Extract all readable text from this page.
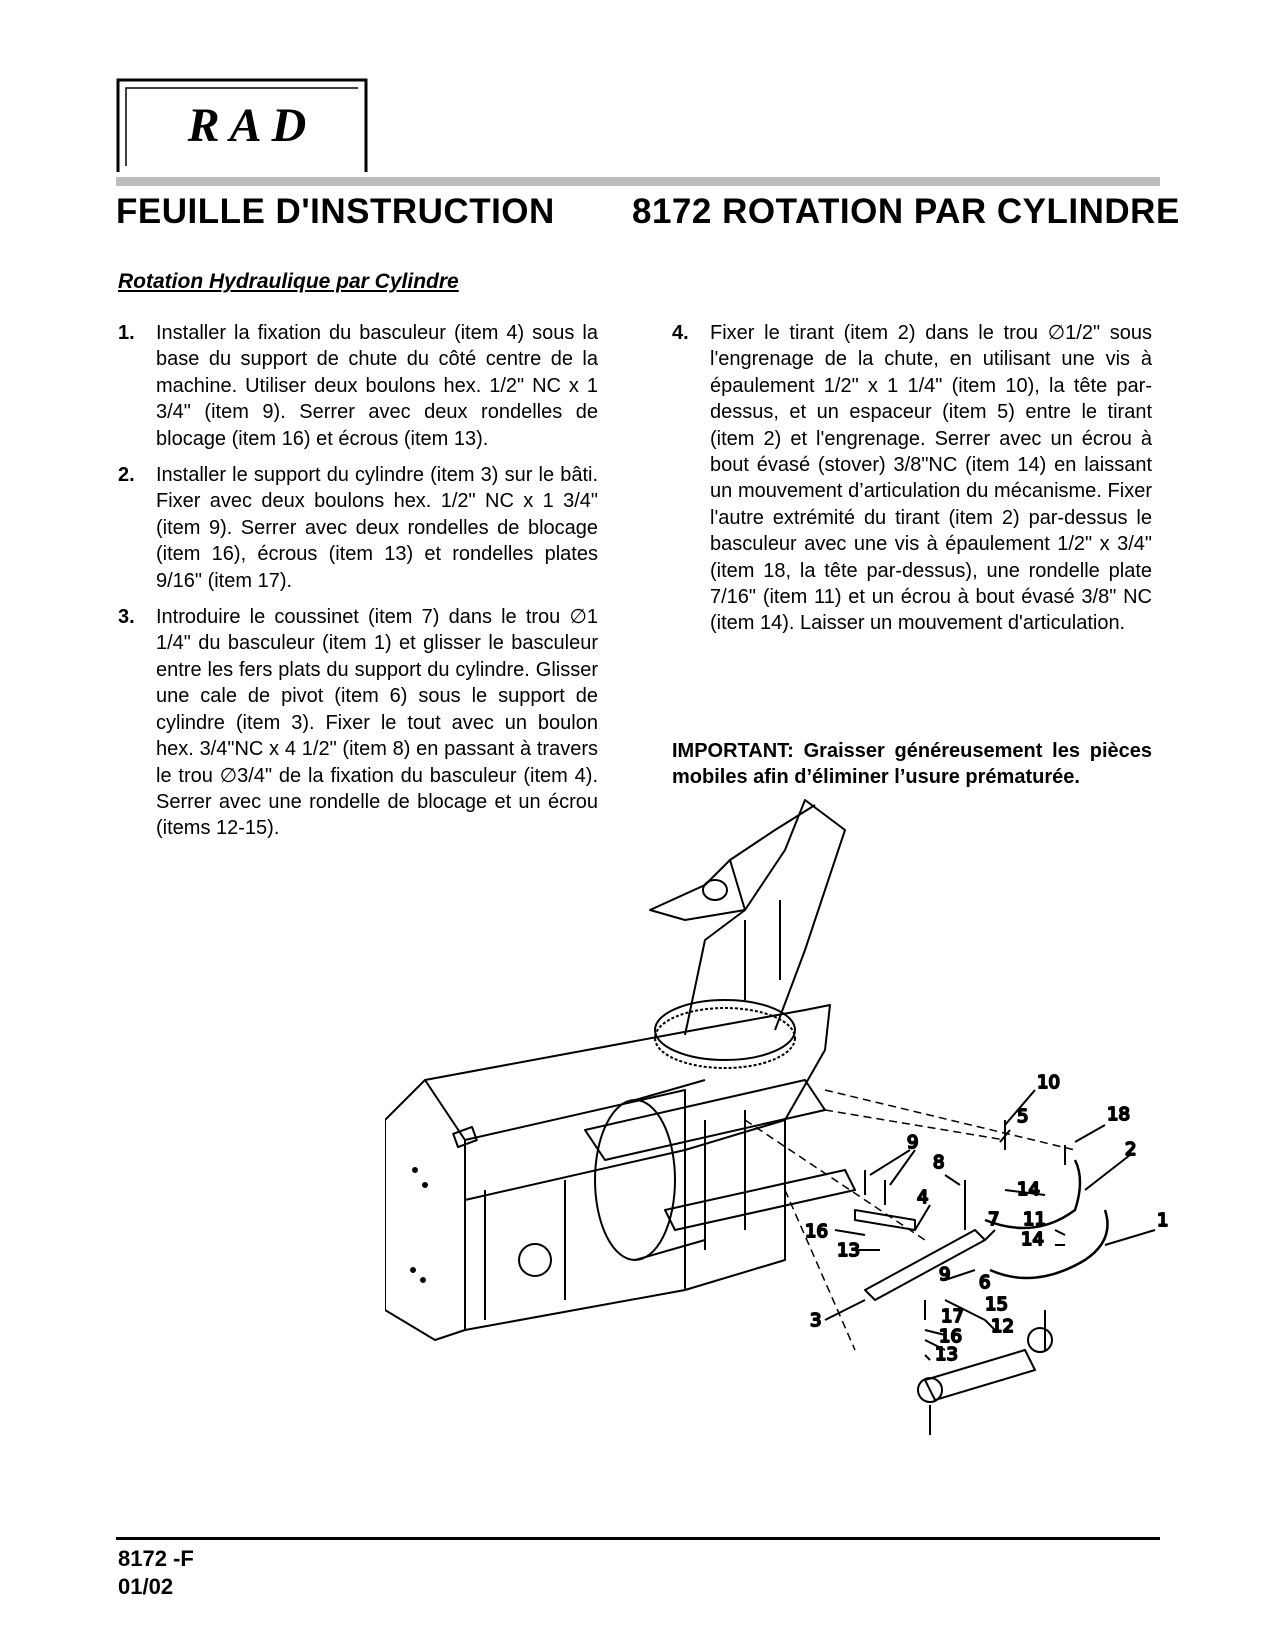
RAD
FEUILLE D'INSTRUCTION 8172 ROTATION PAR CYLINDRE
Rotation Hydraulique par Cylindre
1. Installer la fixation du basculeur (item 4) sous la base du support de chute du côté centre de la machine. Utiliser deux boulons hex. 1/2" NC x 1 3/4" (item 9). Serrer avec deux rondelles de blocage (item 16) et écrous (item 13).
2. Installer le support du cylindre (item 3) sur le bâti. Fixer avec deux boulons hex. 1/2" NC x 1 3/4" (item 9). Serrer avec deux rondelles de blocage (item 16), écrous (item 13) et rondelles plates 9/16" (item 17).
3. Introduire le coussinet (item 7) dans le trou ∅1 1/4" du basculeur (item 1) et glisser le basculeur entre les fers plats du support du cylindre. Glisser une cale de pivot (item 6) sous le support de cylindre (item 3). Fixer le tout avec un boulon hex. 3/4"NC x 4 1/2" (item 8) en passant à travers le trou ∅3/4" de la fixation du basculeur (item 4). Serrer avec une rondelle de blocage et un écrou (items 12-15).
4. Fixer le tirant (item 2) dans le trou ∅1/2" sous l'engrenage de la chute, en utilisant une vis à épaulement 1/2" x 1 1/4" (item 10), la tête par-dessus, et un espaceur (item 5) entre le tirant (item 2) et l'engrenage. Serrer avec un écrou à bout évasé (stover) 3/8"NC (item 14) en laissant un mouvement d’articulation du mécanisme. Fixer l'autre extrémité du tirant (item 2) par-dessus le basculeur avec une vis à épaulement 1/2" x 3/4" (item 18, la tête par-dessus), une rondelle plate 7/16" (item 11) et un écrou à bout évasé 3/8" NC (item 14). Laisser un mouvement d'articulation.
IMPORTANT: Graisser généreusement les pièces mobiles afin d’éliminer l’usure prématurée.
10
5	18
2
14
9
8
4
7 11
14
1
16
13
6
9
15
3	17 12
16
13
8172 -F
01/02
